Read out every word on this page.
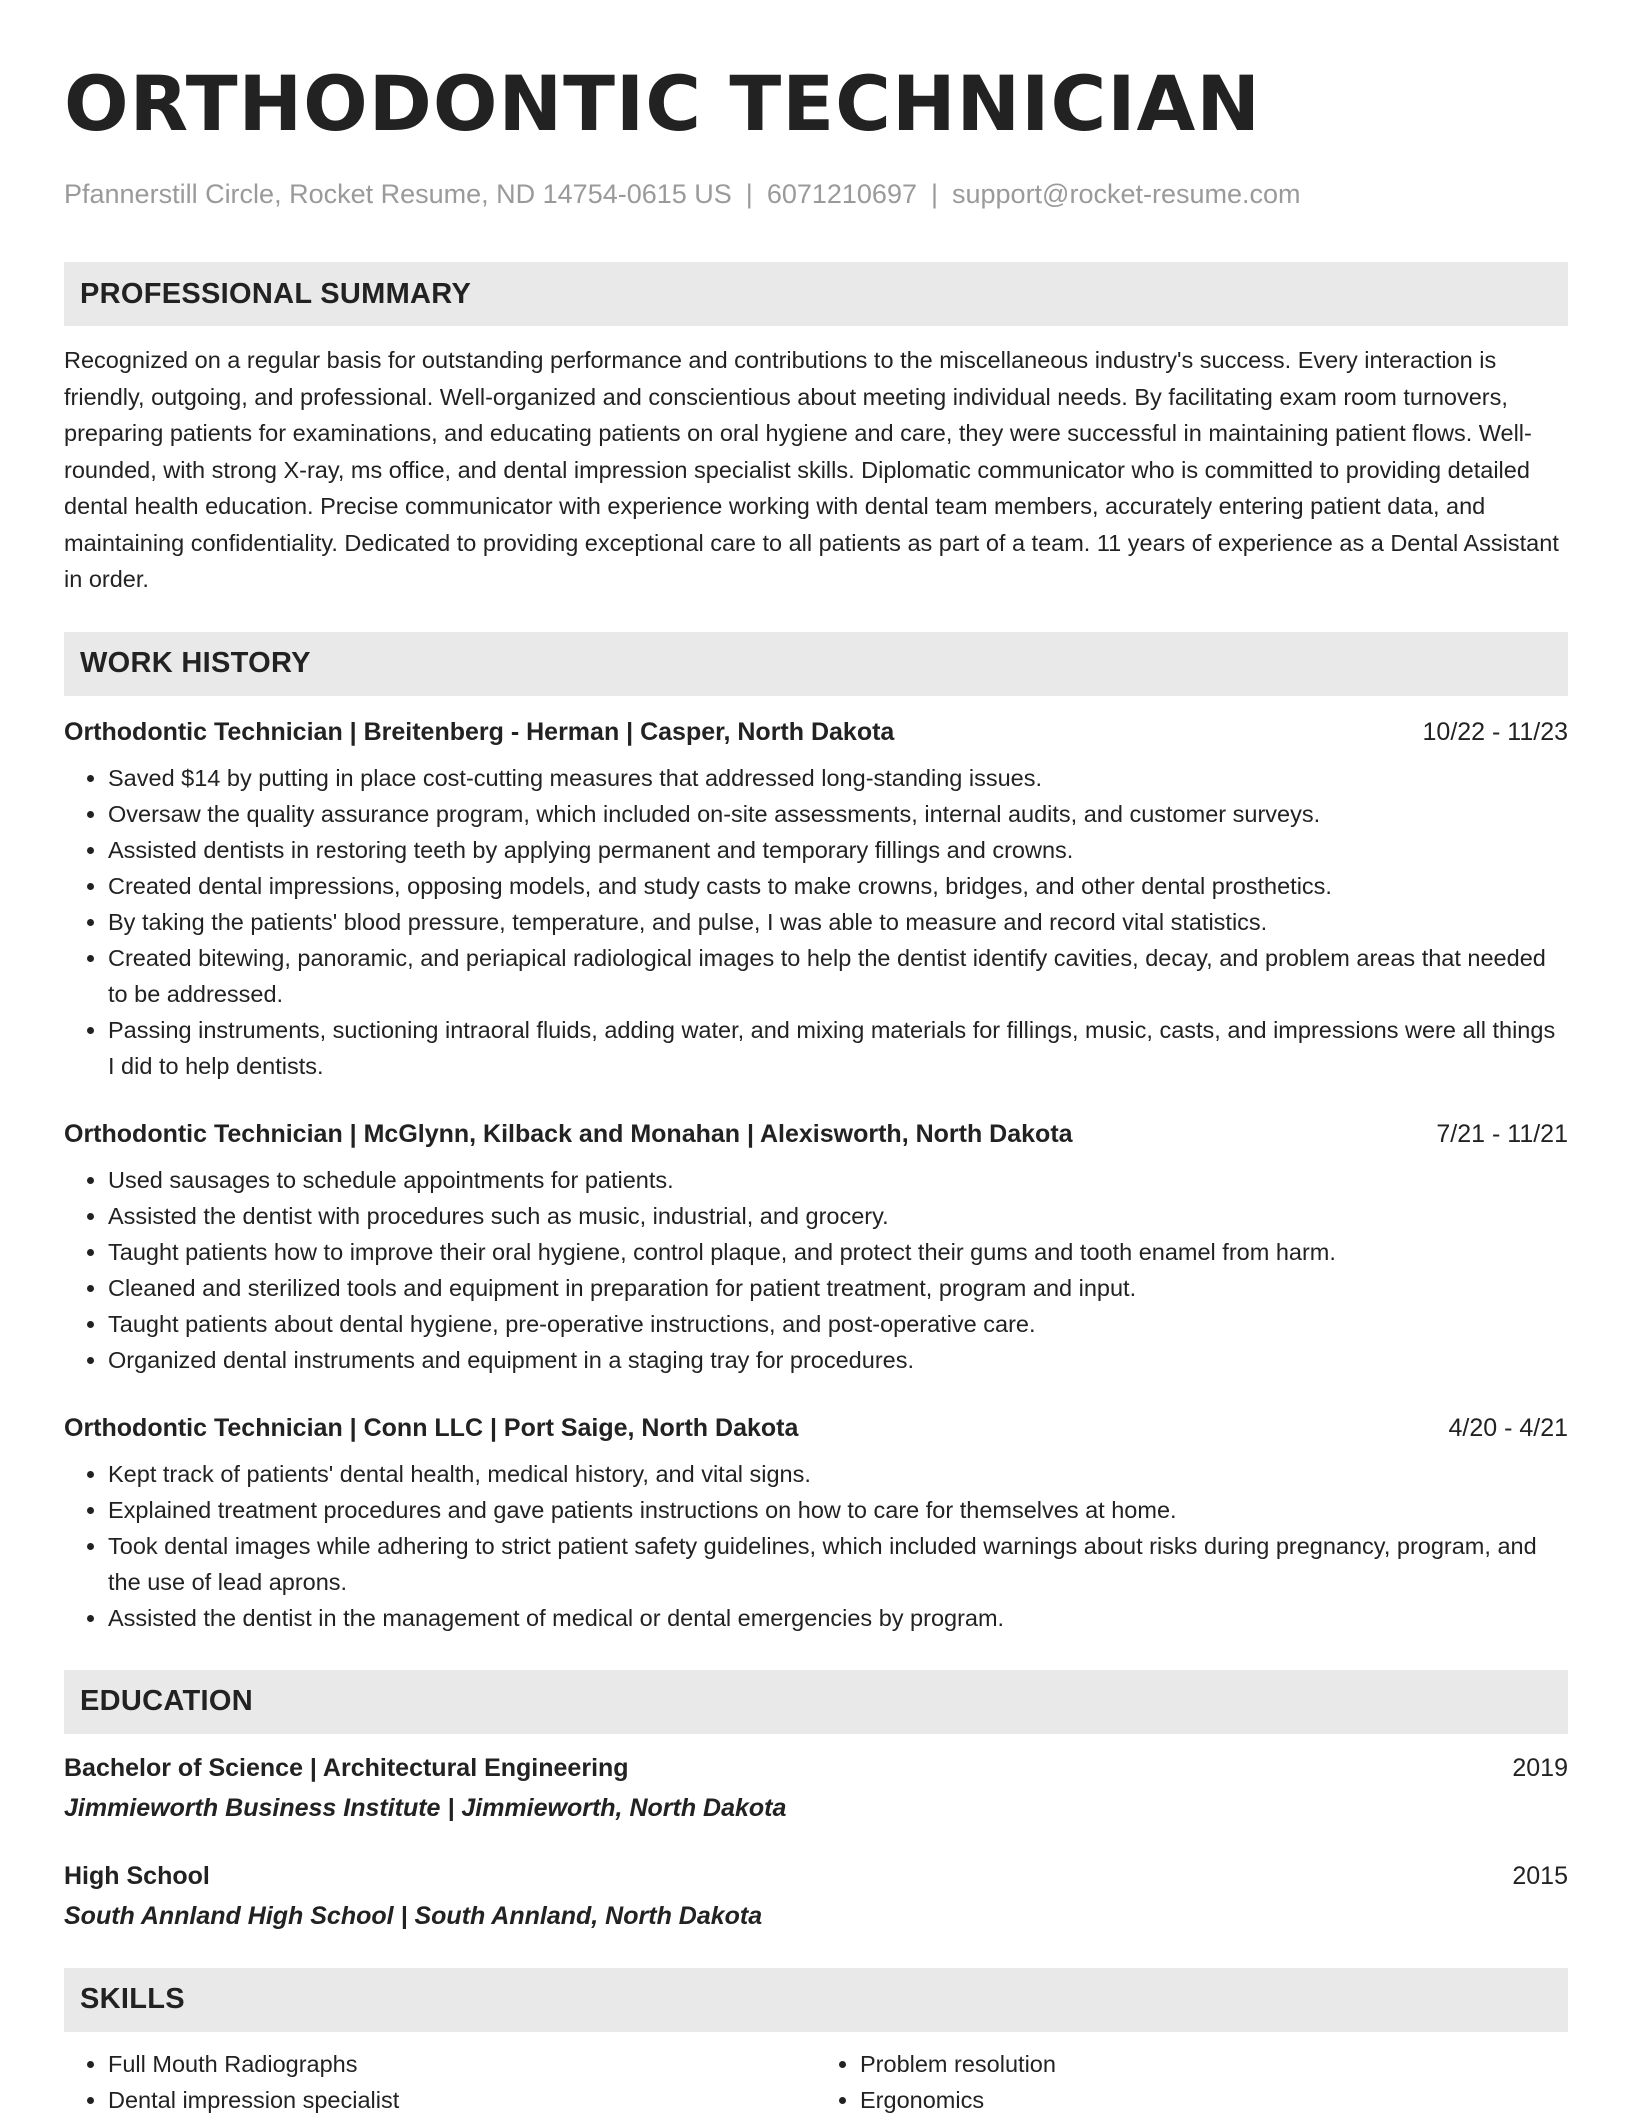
ORTHODONTIC TECHNICIAN
Pfannerstill Circle, Rocket Resume, ND 14754-0615 US | 6071210697 | support@rocket-resume.com
PROFESSIONAL SUMMARY
Recognized on a regular basis for outstanding performance and contributions to the miscellaneous industry's success. Every interaction is friendly, outgoing, and professional. Well-organized and conscientious about meeting individual needs. By facilitating exam room turnovers, preparing patients for examinations, and educating patients on oral hygiene and care, they were successful in maintaining patient flows. Well-rounded, with strong X-ray, ms office, and dental impression specialist skills. Diplomatic communicator who is committed to providing detailed dental health education. Precise communicator with experience working with dental team members, accurately entering patient data, and maintaining confidentiality. Dedicated to providing exceptional care to all patients as part of a team. 11 years of experience as a Dental Assistant in order.
WORK HISTORY
Orthodontic Technician | Breitenberg - Herman | Casper, North Dakota	10/22 - 11/23
• Saved $14 by putting in place cost-cutting measures that addressed long-standing issues.
• Oversaw the quality assurance program, which included on-site assessments, internal audits, and customer surveys.
• Assisted dentists in restoring teeth by applying permanent and temporary fillings and crowns.
• Created dental impressions, opposing models, and study casts to make crowns, bridges, and other dental prosthetics.
• By taking the patients' blood pressure, temperature, and pulse, I was able to measure and record vital statistics.
• Created bitewing, panoramic, and periapical radiological images to help the dentist identify cavities, decay, and problem areas that needed to be addressed.
• Passing instruments, suctioning intraoral fluids, adding water, and mixing materials for fillings, music, casts, and impressions were all things I did to help dentists.
Orthodontic Technician | McGlynn, Kilback and Monahan | Alexisworth, North Dakota	7/21 - 11/21
• Used sausages to schedule appointments for patients.
• Assisted the dentist with procedures such as music, industrial, and grocery.
• Taught patients how to improve their oral hygiene, control plaque, and protect their gums and tooth enamel from harm.
• Cleaned and sterilized tools and equipment in preparation for patient treatment, program and input.
• Taught patients about dental hygiene, pre-operative instructions, and post-operative care.
• Organized dental instruments and equipment in a staging tray for procedures.
Orthodontic Technician | Conn LLC | Port Saige, North Dakota	4/20 - 4/21
• Kept track of patients' dental health, medical history, and vital signs.
• Explained treatment procedures and gave patients instructions on how to care for themselves at home.
• Took dental images while adhering to strict patient safety guidelines, which included warnings about risks during pregnancy, program, and the use of lead aprons.
• Assisted the dentist in the management of medical or dental emergencies by program.
EDUCATION
Bachelor of Science | Architectural Engineering	2019
Jimmieworth Business Institute | Jimmieworth, North Dakota
High School	2015
South Annland High School | South Annland, North Dakota
SKILLS
• Full Mouth Radiographs
• Dental impression specialist
• Problem resolution
• Ergonomics
